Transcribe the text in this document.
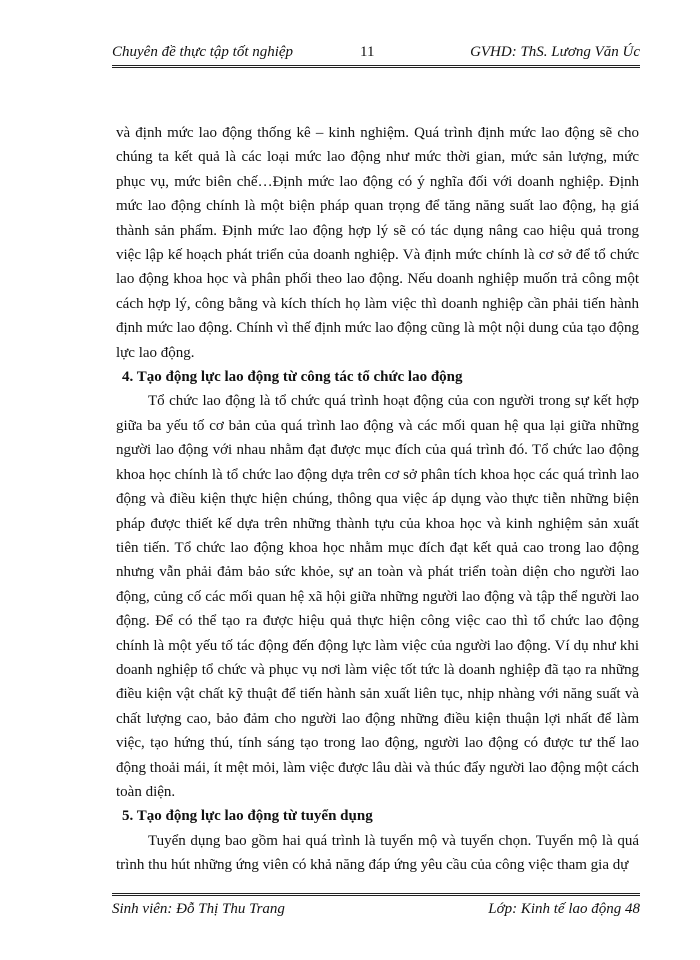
Chuyên đề thực tập tốt nghiệp	11	GVHD: ThS. Lương Văn Úc

và định mức lao động thống kê – kinh nghiệm. Quá trình định mức lao động sẽ cho chúng ta kết quả là các loại mức lao động như mức thời gian, mức sản lượng, mức phục vụ, mức biên chế…Định mức lao động có ý nghĩa đối với doanh nghiệp. Định mức lao động chính là một biện pháp quan trọng để tăng năng suất lao động, hạ giá thành sản phẩm. Định mức lao động hợp lý sẽ có tác dụng nâng cao hiệu quả trong việc lập kế hoạch phát triển của doanh nghiệp. Và định mức chính là cơ sở để tổ chức lao động khoa học và phân phối theo lao động. Nếu doanh nghiệp muốn trả công một cách hợp lý, công bằng và kích thích họ làm việc thì doanh nghiệp cần phải tiến hành định mức lao động. Chính vì thế định mức lao động cũng là một nội dung của tạo động lực lao động.

4. Tạo động lực lao động từ công tác tổ chức lao động

Tổ chức lao động là tổ chức quá trình hoạt động của con người trong sự kết hợp giữa ba yếu tố cơ bản của quá trình lao động và các mối quan hệ qua lại giữa những người lao động với nhau nhằm đạt được mục đích của quá trình đó. Tổ chức lao động khoa học chính là tổ chức lao động dựa trên cơ sở phân tích khoa học các quá trình lao động và điều kiện thực hiện chúng, thông qua việc áp dụng vào thực tiễn những biện pháp được thiết kế dựa trên những thành tựu của khoa học và kinh nghiệm sản xuất tiên tiến. Tổ chức lao động khoa học nhằm mục đích đạt kết quả cao trong lao động nhưng vẫn phải đảm bảo sức khỏe, sự an toàn và phát triển toàn diện cho người lao động, củng cố các mối quan hệ xã hội giữa những người lao động và tập thể người lao động. Để có thể tạo ra được hiệu quả thực hiện công việc cao thì tổ chức lao động chính là một yếu tố tác động đến động lực làm việc của người lao động. Ví dụ như khi doanh nghiệp tổ chức và phục vụ nơi làm việc tốt tức là doanh nghiệp đã tạo ra những điều kiện vật chất kỹ thuật để tiến hành sản xuất liên tục, nhịp nhàng với năng suất và chất lượng cao, bảo đảm cho người lao động những điều kiện thuận lợi nhất để làm việc, tạo hứng thú, tính sáng tạo trong lao động, người lao động có được tư thế lao động thoải mái, ít mệt mỏi, làm việc được lâu dài và thúc đẩy người lao động một cách toàn diện.

5. Tạo động lực lao động từ tuyển dụng

Tuyển dụng bao gồm hai quá trình là tuyển mộ và tuyển chọn. Tuyển mộ là quá trình thu hút những ứng viên có khả năng đáp ứng yêu cầu của công việc tham gia dự

Sinh viên: Đỗ Thị Thu Trang	Lớp: Kinh tế lao động 48
